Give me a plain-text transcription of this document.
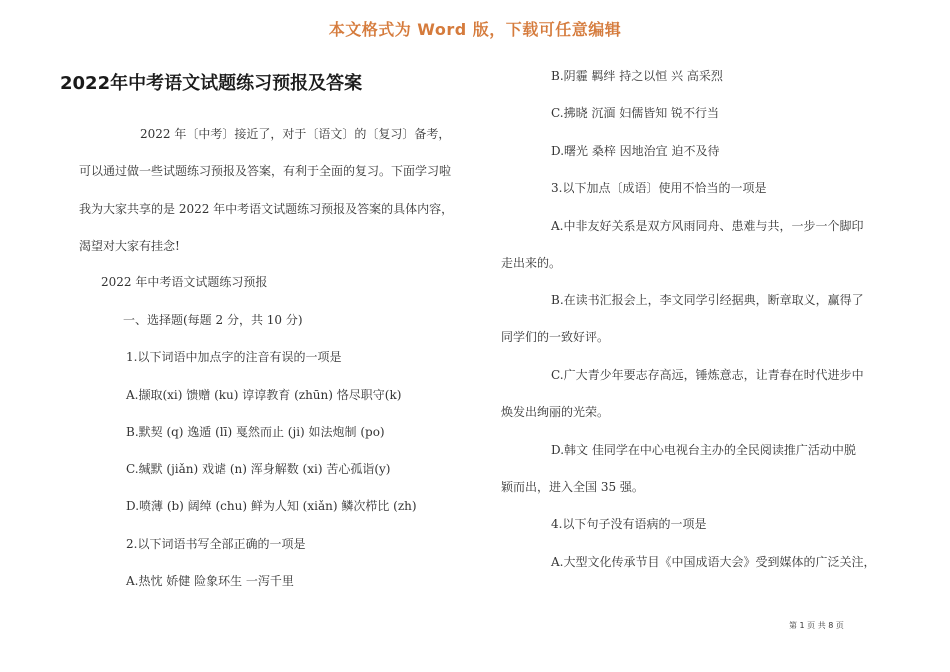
本文格式为 Word 版，下载可任意编辑
2022年中考语文试题练习预报及答案

2022 年〔中考〕接近了，对于〔语文〕的〔复习〕备考，

可以通过做一些试题练习预报及答案，有利于全面的复习。下面学习啦

我为大家共享的是 2022 年中考语文试题练习预报及答案的具体内容，

渴望对大家有挂念!

2022 年中考语文试题练习预报

一、选择题(每题 2 分，共 10 分)

1.以下词语中加点字的注音有误的一项是

A.撷取(xi) 馈赠 (ku) 谆谆教育 (zhūn) 恪尽职守(k)

B.默契 (q) 逸遁 (lī) 戛然而止 (ji) 如法炮制 (po)

C.缄默 (jiǎn) 戏谑 (n) 浑身解数 (xi) 苦心孤诣(y)

D.喷薄 (b) 阔绰 (chu) 鲜为人知 (xiǎn) 鳞次栉比 (zh)

2.以下词语书写全部正确的一项是

A.热忱 娇健 险象环生 一泻千里

B.阴霾 羁绊 持之以恒 兴 高采烈

C.拂晓 沉湎 妇儒皆知 锐不行当

D.曙光 桑梓 因地治宜 迫不及待

3.以下加点〔成语〕使用不恰当的一项是

A.中非友好关系是双方风雨同舟、患难与共，一步一个脚印

走出来的。

B.在读书汇报会上，李文同学引经据典，断章取义，赢得了

同学们的一致好评。

C.广大青少年要志存高远，锤炼意志，让青春在时代进步中

焕发出绚丽的光荣。

D.韩文 佳同学在中心电视台主办的全民阅读推广活动中脱

颖而出，进入全国 35 强。

4.以下句子没有语病的一项是

A.大型文化传承节目《中国成语大会》受到媒体的广泛关注，

第 1 页 共 8 页
